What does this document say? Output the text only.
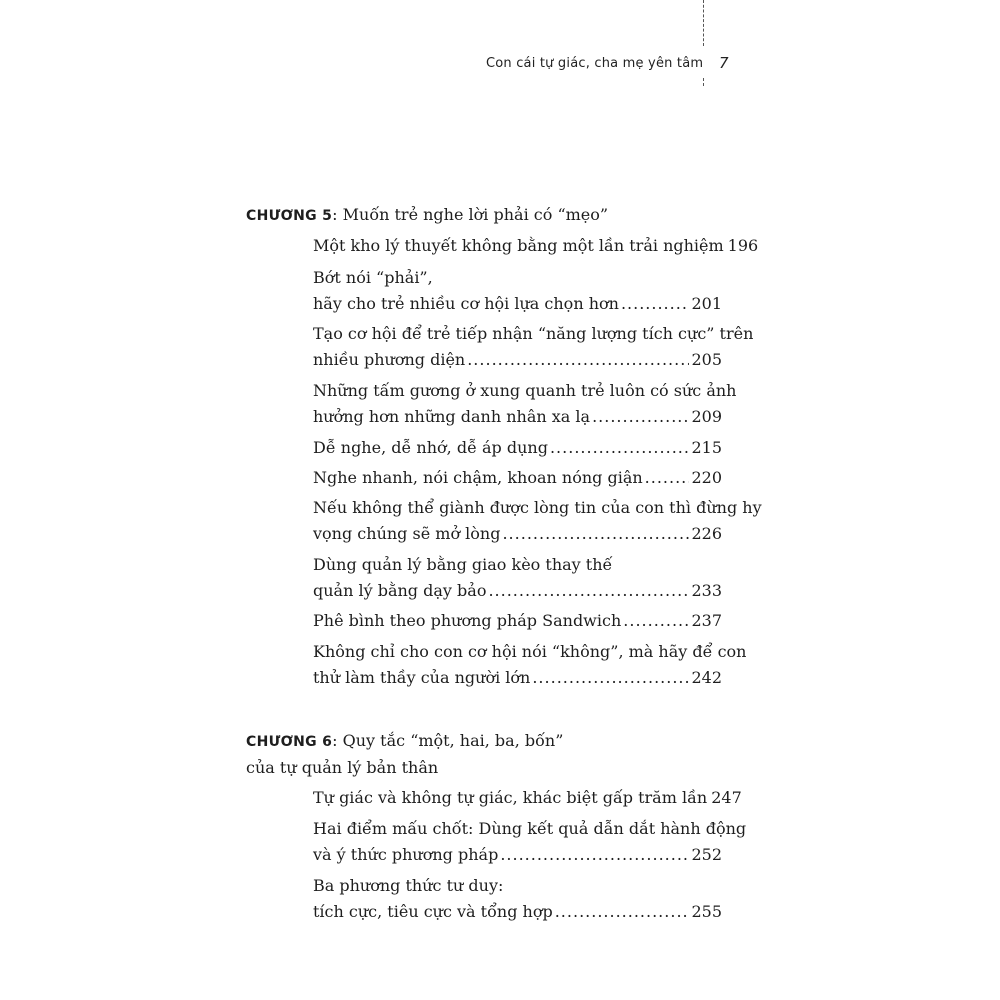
Con cái tự giác, cha mẹ yên tâm 7
CHƯƠNG 5: Muốn trẻ nghe lời phải có “mẹo”
Một kho lý thuyết không bằng một lần trải nghiệm 196
Bớt nói “phải”,
hãy cho trẻ nhiều cơ hội lựa chọn hơn .....	201
Tạo cơ hội để trẻ tiếp nhận “năng lượng tích cực” trên
nhiều phương diện .....	205
Những tấm gương ở xung quanh trẻ luôn có sức ảnh
hưởng hơn những danh nhân xa lạ .....	209
Dễ nghe, dễ nhớ, dễ áp dụng .....	215
Nghe nhanh, nói chậm, khoan nóng giận .....	220
Nếu không thể giành được lòng tin của con thì đừng hy
vọng chúng sẽ mở lòng .....	226
Dùng quản lý bằng giao kèo thay thế
quản lý bằng dạy bảo .....	233
Phê bình theo phương pháp Sandwich .....	237
Không chỉ cho con cơ hội nói “không”, mà hãy để con
thử làm thầy của người lớn .....	242
CHƯƠNG 6: Quy tắc “một, hai, ba, bốn”
của tự quản lý bản thân
Tự giác và không tự giác, khác biệt gấp trăm lần 247
Hai điểm mấu chốt: Dùng kết quả dẫn dắt hành động
và ý thức phương pháp .....	252
Ba phương thức tư duy:
tích cực, tiêu cực và tổng hợp .....	255
